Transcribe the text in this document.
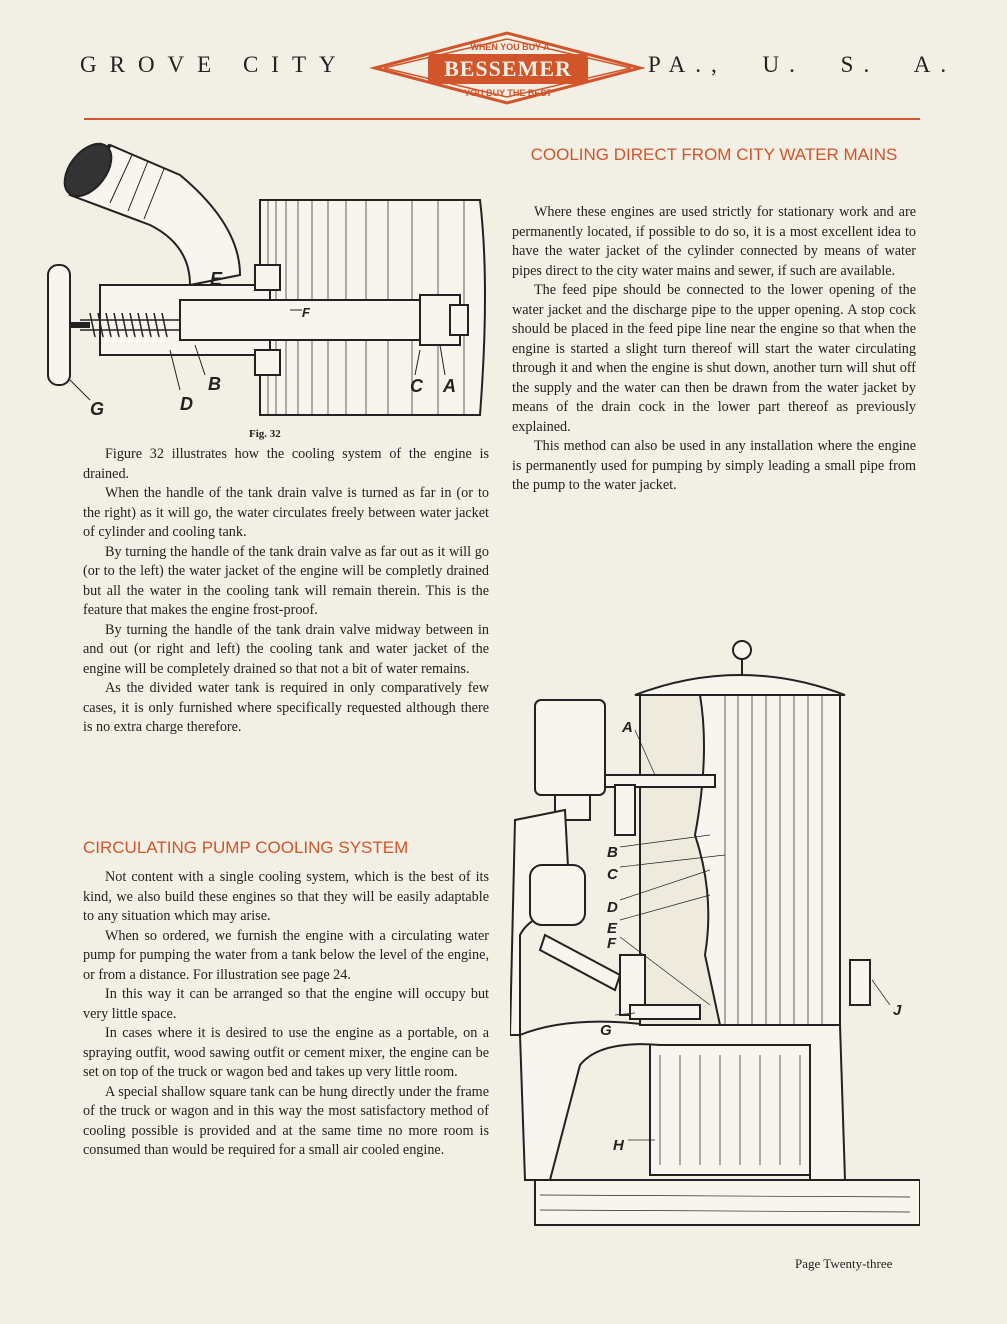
GROVE CITY	BESSEMER
WHEN YOU BUY A
YOU BUY THE BEST
PA., U. S. A.
E
F
B
D
G
C A
Fig. 32

Figure 32 illustrates how the cooling system of the engine is drained.

When the handle of the tank drain valve is turned as far in (or to the right) as it will go, the water circulates freely between water jacket of cylinder and cooling tank.

By turning the handle of the tank drain valve as far out as it will go (or to the left) the water jacket of the engine will be completly drained but all the water in the cooling tank will remain therein. This is the feature that makes the engine frost-proof.

By turning the handle of the tank drain valve midway between in and out (or right and left) the cooling tank and water jacket of the engine will be completely drained so that not a bit of water remains.

As the divided water tank is required in only comparatively few cases, it is only furnished where specifically requested although there is no extra charge therefore.

CIRCULATING PUMP COOLING SYSTEM

Not content with a single cooling system, which is the best of its kind, we also build these engines so that they will be easily adaptable to any situation which may arise.

When so ordered, we furnish the engine with a circulating water pump for pumping the water from a tank below the level of the engine, or from a distance. For illustration see page 24.

In this way it can be arranged so that the engine will occupy but very little space.

In cases where it is desired to use the engine as a portable, on a spraying outfit, wood sawing outfit or cement mixer, the engine can be set on top of the truck or wagon bed and takes up very little room.

A special shallow square tank can be hung directly under the frame of the truck or wagon and in this way the most satisfactory method of cooling possible is provided and at the same time no more room is consumed than would be required for a small air cooled engine.

COOLING DIRECT FROM CITY WATER MAINS

Where these engines are used strictly for stationary work and are permanently located, if possible to do so, it is a most excellent idea to have the water jacket of the cylinder connected by means of water pipes direct to the city water mains and sewer, if such are available.

The feed pipe should be connected to the lower opening of the water jacket and the discharge pipe to the upper opening. A stop cock should be placed in the feed pipe line near the engine so that when the engine is started a slight turn thereof will start the water circulating through it and when the engine is shut down, another turn will shut off the supply and the water can then be drawn from the water jacket by means of the drain cock in the lower part thereof as previously explained.

This method can also be used in any installation where the engine is permanently used for pumping by simply leading a small pipe from the pump to the water jacket.

A
B
C
D
E
F
G
J
H
Page Twenty-three
